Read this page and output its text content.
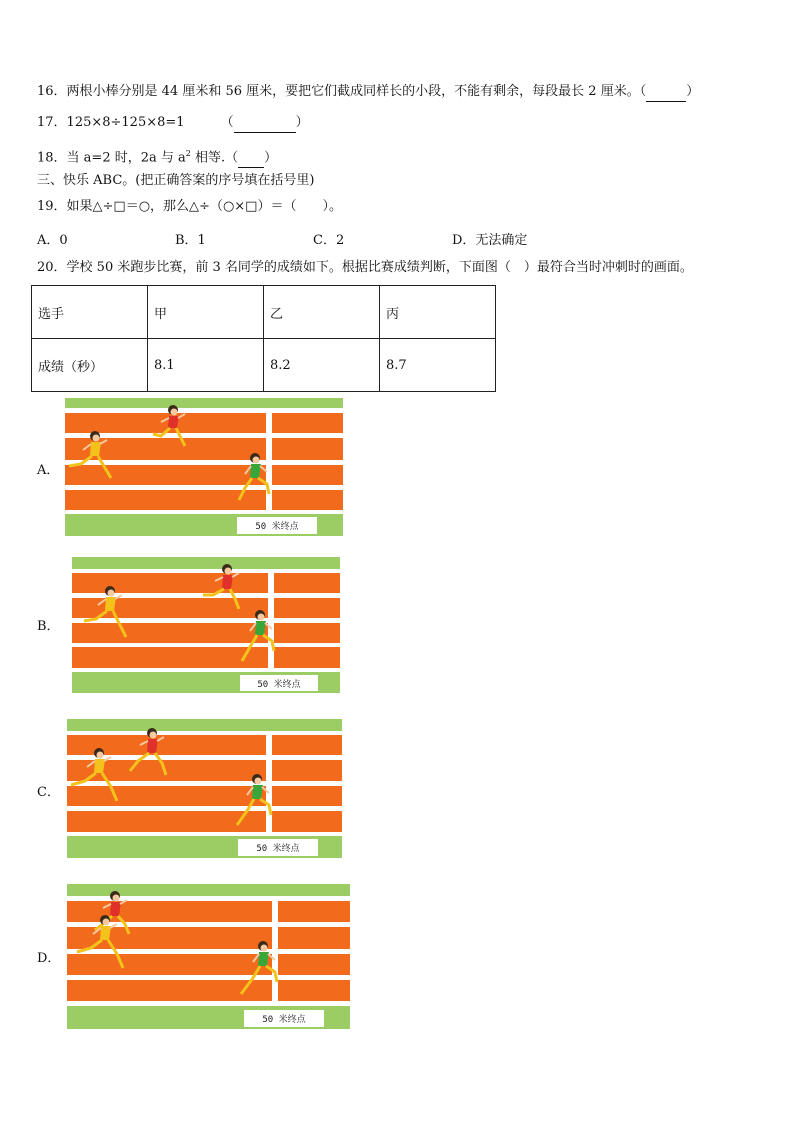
16．两根小棒分别是 44 厘米和 56 厘米，要把它们截成同样长的小段，不能有剩余，每段最长 2 厘米。（	）
17．125×8÷125×8=1	（	）
18．当 a=2 时，2a 与 $a^2$ 相等.（ ）
三、快乐 ABC。(把正确答案的序号填在括号里)
19．如果△÷□＝○，那么△÷（○×□）＝（　　）。
A．0	B．1	C．2	D．无法确定
20．学校 50 米跑步比赛，前 3 名同学的成绩如下。根据比赛成绩判断，下面图（　）最符合当时冲刺时的画面。
选手	甲	乙	丙
成绩（秒）	8.1	8.2	8.7
A．
B．
C．
D．
50 米终点
50 米终点
50 米终点
50 米终点
